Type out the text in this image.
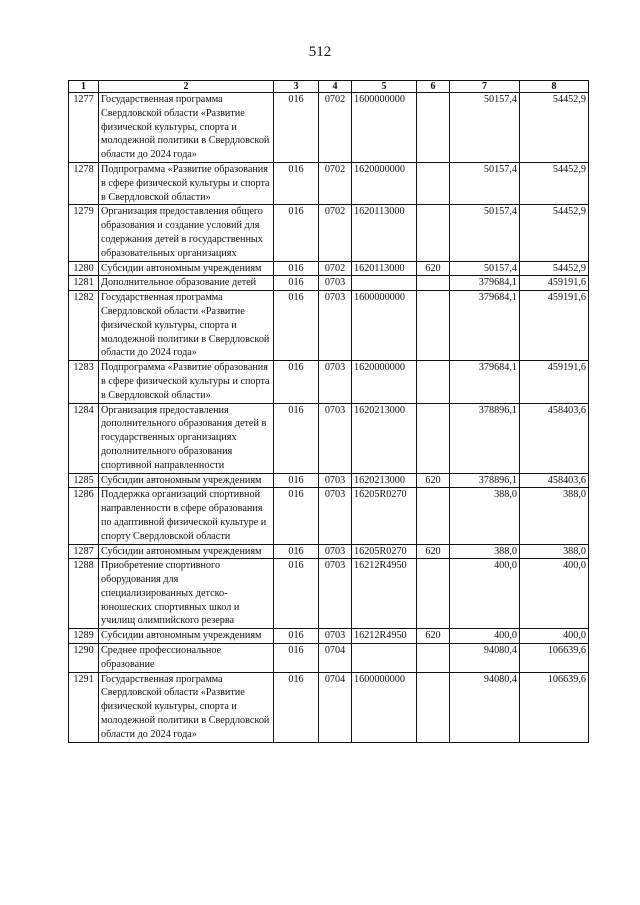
512
1	2	3	4	5	6	7	8
1277	Государственная программа Свердловской области «Развитие физической культуры, спорта и молодежной политики в Свердловской области до 2024 года»	016	0702	1600000000		50157,4	54452,9
1278	Подпрограмма «Развитие образования в сфере физической культуры и спорта в Свердловской области»	016	0702	1620000000		50157,4	54452,9
1279	Организация предоставления общего образования и создание условий для содержания детей в государственных образовательных организациях	016	0702	1620113000		50157,4	54452,9
1280	Субсидии автономным учреждениям	016	0702	1620113000	620	50157,4	54452,9
1281	Дополнительное образование детей	016	0703			379684,1	459191,6
1282	Государственная программа Свердловской области «Развитие физической культуры, спорта и молодежной политики в Свердловской области до 2024 года»	016	0703	1600000000		379684,1	459191,6
1283	Подпрограмма «Развитие образования в сфере физической культуры и спорта в Свердловской области»	016	0703	1620000000		379684,1	459191,6
1284	Организация предоставления дополнительного образования детей в государственных организациях дополнительного образования спортивной направленности	016	0703	1620213000		378896,1	458403,6
1285	Субсидии автономным учреждениям	016	0703	1620213000	620	378896,1	458403,6
1286	Поддержка организаций спортивной направленности в сфере образования по адаптивной физической культуре и спорту Свердловской области	016	0703	16205R0270		388,0	388,0
1287	Субсидии автономным учреждениям	016	0703	16205R0270	620	388,0	388,0
1288	Приобретение спортивного оборудования для специализированных детско-юношеских спортивных школ и училищ олимпийского резерва	016	0703	16212R4950		400,0	400,0
1289	Субсидии автономным учреждениям	016	0703	16212R4950	620	400,0	400,0
1290	Среднее профессиональное образование	016	0704			94080,4	106639,6
1291	Государственная программа Свердловской области «Развитие физической культуры, спорта и молодежной политики в Свердловской области до 2024 года»	016	0704	1600000000		94080,4	106639,6
